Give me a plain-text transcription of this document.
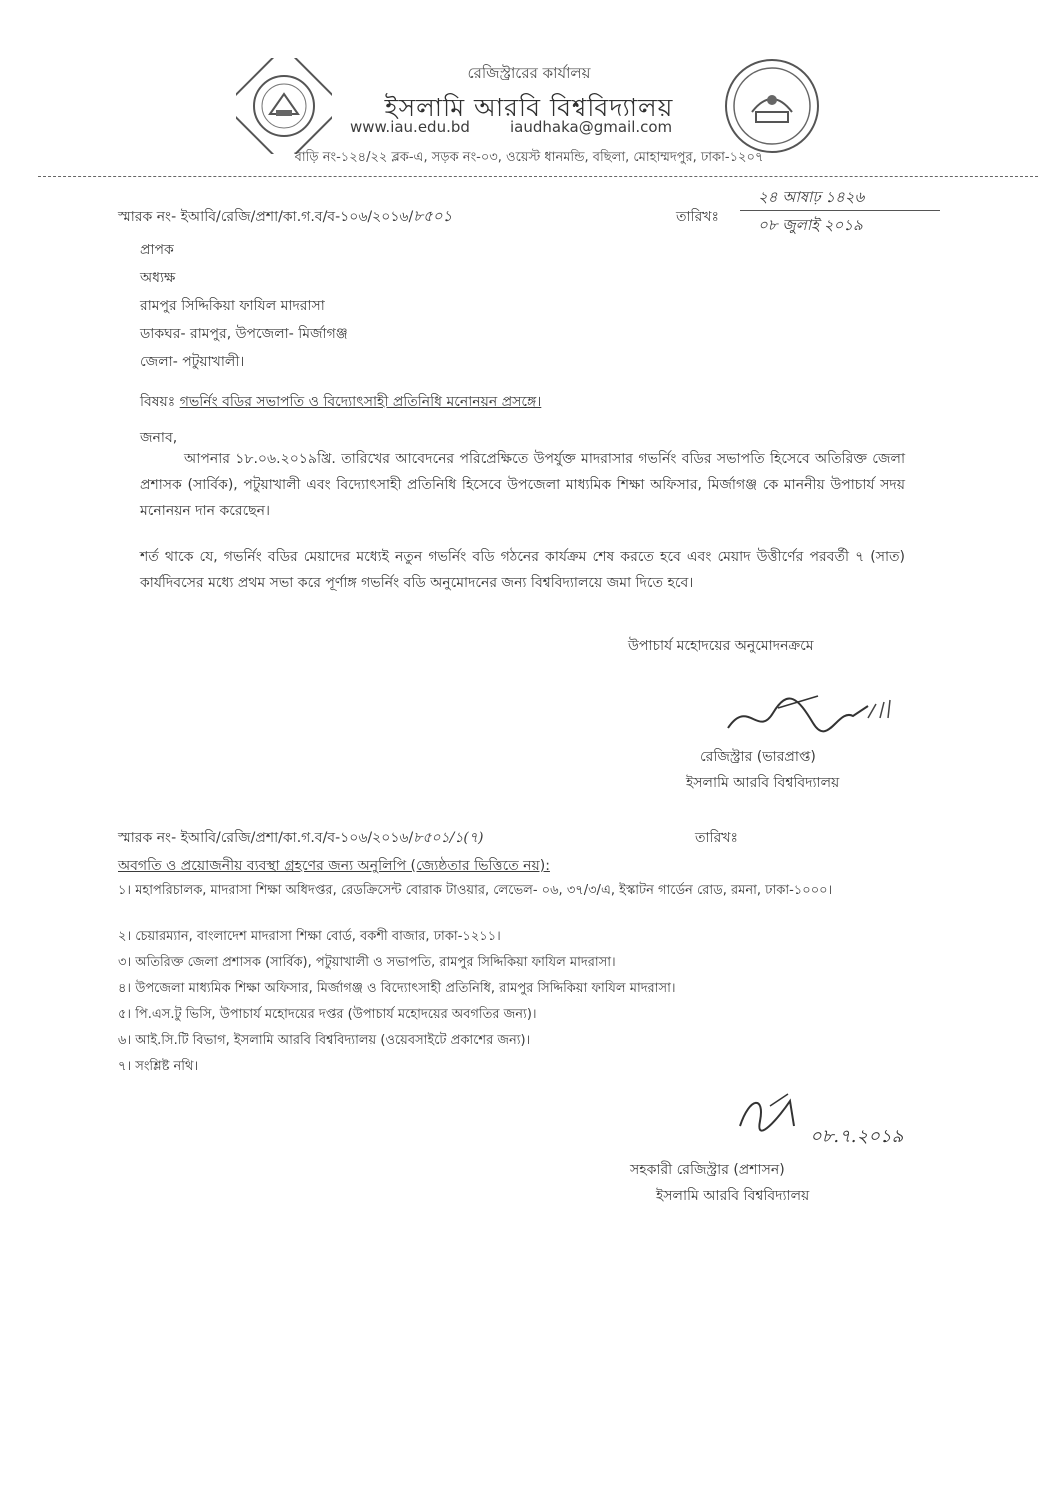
রেজিস্ট্রারের কার্যালয়
ইসলামি আরবি বিশ্ববিদ্যালয়
www.iau.edu.bd	iaudhaka@gmail.com
বাড়ি নং-১২৪/২২ ব্লক-এ, সড়ক নং-০৩, ওয়েস্ট ধানমন্ডি, বছিলা, মোহাম্মদপুর, ঢাকা-১২০৭
স্মারক নং- ইআবি/রেজি/প্রশা/কা.গ.ব/ব-১০৬/২০১৬/৮৫০১	তারিখঃ
২৪ আষাঢ় ১৪২৬
০৮ জুলাই ২০১৯
প্রাপক
অধ্যক্ষ
রামপুর সিদ্দিকিয়া ফাযিল মাদরাসা
ডাকঘর- রামপুর, উপজেলা- মির্জাগঞ্জ
জেলা- পটুয়াখালী।
বিষয়ঃ গভর্নিং বডির সভাপতি ও বিদ্যোৎসাহী প্রতিনিধি মনোনয়ন প্রসঙ্গে।
জনাব,
আপনার ১৮.০৬.২০১৯খ্রি. তারিখের আবেদনের পরিপ্রেক্ষিতে উপর্যুক্ত মাদরাসার গভর্নিং বডির সভাপতি হিসেবে অতিরিক্ত জেলা প্রশাসক (সার্বিক), পটুয়াখালী এবং বিদ্যোৎসাহী প্রতিনিধি হিসেবে উপজেলা মাধ্যমিক শিক্ষা অফিসার, মির্জাগঞ্জ কে মাননীয় উপাচার্য সদয় মনোনয়ন দান করেছেন।
শর্ত থাকে যে, গভর্নিং বডির মেয়াদের মধ্যেই নতুন গভর্নিং বডি গঠনের কার্যক্রম শেষ করতে হবে এবং মেয়াদ উত্তীর্ণের পরবর্তী ৭ (সাত) কার্যদিবসের মধ্যে প্রথম সভা করে পূর্ণাঙ্গ গভর্নিং বডি অনুমোদনের জন্য বিশ্ববিদ্যালয়ে জমা দিতে হবে।
উপাচার্য মহোদয়ের অনুমোদনক্রমে
রেজিস্ট্রার (ভারপ্রাপ্ত)
ইসলামি আরবি বিশ্ববিদ্যালয়
স্মারক নং- ইআবি/রেজি/প্রশা/কা.গ.ব/ব-১০৬/২০১৬/৮৫০১/১(৭)	তারিখঃ
অবগতি ও প্রয়োজনীয় ব্যবস্থা গ্রহণের জন্য অনুলিপি (জ্যেষ্ঠতার ভিত্তিতে নয়):
১। মহাপরিচালক, মাদরাসা শিক্ষা অধিদপ্তর, রেডক্রিসেন্ট বোরাক টাওয়ার, লেভেল- ০৬, ৩৭/৩/এ, ইস্কাটন গার্ডেন রোড, রমনা, ঢাকা-১০০০।
২। চেয়ারম্যান, বাংলাদেশ মাদরাসা শিক্ষা বোর্ড, বকশী বাজার, ঢাকা-১২১১।
৩। অতিরিক্ত জেলা প্রশাসক (সার্বিক), পটুয়াখালী ও সভাপতি, রামপুর সিদ্দিকিয়া ফাযিল মাদরাসা।
৪। উপজেলা মাধ্যমিক শিক্ষা অফিসার, মির্জাগঞ্জ ও বিদ্যোৎসাহী প্রতিনিধি, রামপুর সিদ্দিকিয়া ফাযিল মাদরাসা।
৫। পি.এস.টু ভিসি, উপাচার্য মহোদয়ের দপ্তর (উপাচার্য মহোদয়ের অবগতির জন্য)।
৬। আই.সি.টি বিভাগ, ইসলামি আরবি বিশ্ববিদ্যালয় (ওয়েবসাইটে প্রকাশের জন্য)।
৭। সংশ্লিষ্ট নথি।
০৮.৭.২০১৯
সহকারী রেজিস্ট্রার (প্রশাসন)
ইসলামি আরবি বিশ্ববিদ্যালয়
